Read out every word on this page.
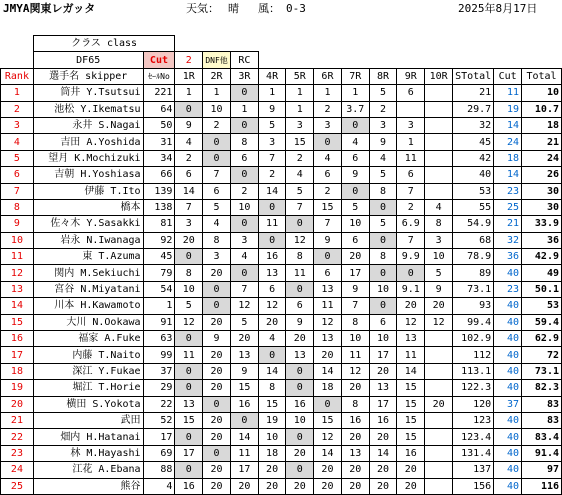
JMYA関東レガッタ	天気： 晴 風： 0-3	2025年8月17日
	クラス class														
	DF65	Cut	2	DNF他	RC										
Rank	選手名 skipper	ｾｰﾙNo	1R	2R	3R	4R	5R	6R	7R	8R	9R	10R	STotal	Cut	Total
1	筒井 Y.Tsutsui	221	1	1	0	1	1	1	1	5	6		21	11	10
2	池松 Y.Ikematsu	64	0	10	1	9	1	2	3.7	2			29.7	19	10.7
3	永井 S.Nagai	50	9	2	0	5	3	3	0	3	3		32	14	18
4	吉田 A.Yoshida	31	4	0	8	3	15	0	4	9	1		45	24	21
5	望月 K.Mochizuki	34	2	0	6	7	2	4	6	4	11		42	18	24
6	吉朝 H.Yoshiasa	66	6	7	0	2	4	6	9	5	6		40	14	26
7	伊藤 T.Ito	139	14	6	2	14	5	2	0	8	7		53	23	30
8	橋本	138	7	5	10	0	7	15	5	0	2	4	55	25	30
9	佐々木 Y.Sasakki	81	3	4	0	11	0	7	10	5	6.9	8	54.9	21	33.9
10	岩永 N.Iwanaga	92	20	8	3	0	12	9	6	0	7	3	68	32	36
11	東 T.Azuma	45	0	3	4	16	8	0	20	8	9.9	10	78.9	36	42.9
12	関内 M.Sekiuchi	79	8	20	0	13	11	6	17	0	0	5	89	40	49
13	宮谷 N.Miyatani	54	10	0	7	6	0	13	9	10	9.1	9	73.1	23	50.1
14	川本 H.Kawamoto	1	5	0	12	12	6	11	7	0	20	20	93	40	53
15	大川 N.Ookawa	91	12	20	5	20	9	12	8	6	12	12	99.4	40	59.4
16	福家 A.Fuke	63	0	9	20	4	20	13	10	10	13		102.9	40	62.9
17	内藤 T.Naito	99	11	20	13	0	13	20	11	17	11		112	40	72
18	深江 Y.Fukae	37	0	20	9	14	0	14	12	20	14		113.1	40	73.1
19	堀江 T.Horie	29	0	20	15	8	0	18	20	13	15		122.3	40	82.3
20	横田 S.Yokota	22	13	0	16	15	16	0	8	17	15	20	120	37	83
21	武田	52	15	20	0	19	10	15	16	16	15		123	40	83
22	畑内 H.Hatanai	17	0	20	14	10	0	12	20	20	15		123.4	40	83.4
23	林 M.Hayashi	69	17	0	11	18	20	14	13	14	16		131.4	40	91.4
24	江花 A.Ebana	88	0	20	17	20	0	20	20	20	20		137	40	97
25	熊谷	4	16	20	20	20	20	20	20	20	20		156	40	116
